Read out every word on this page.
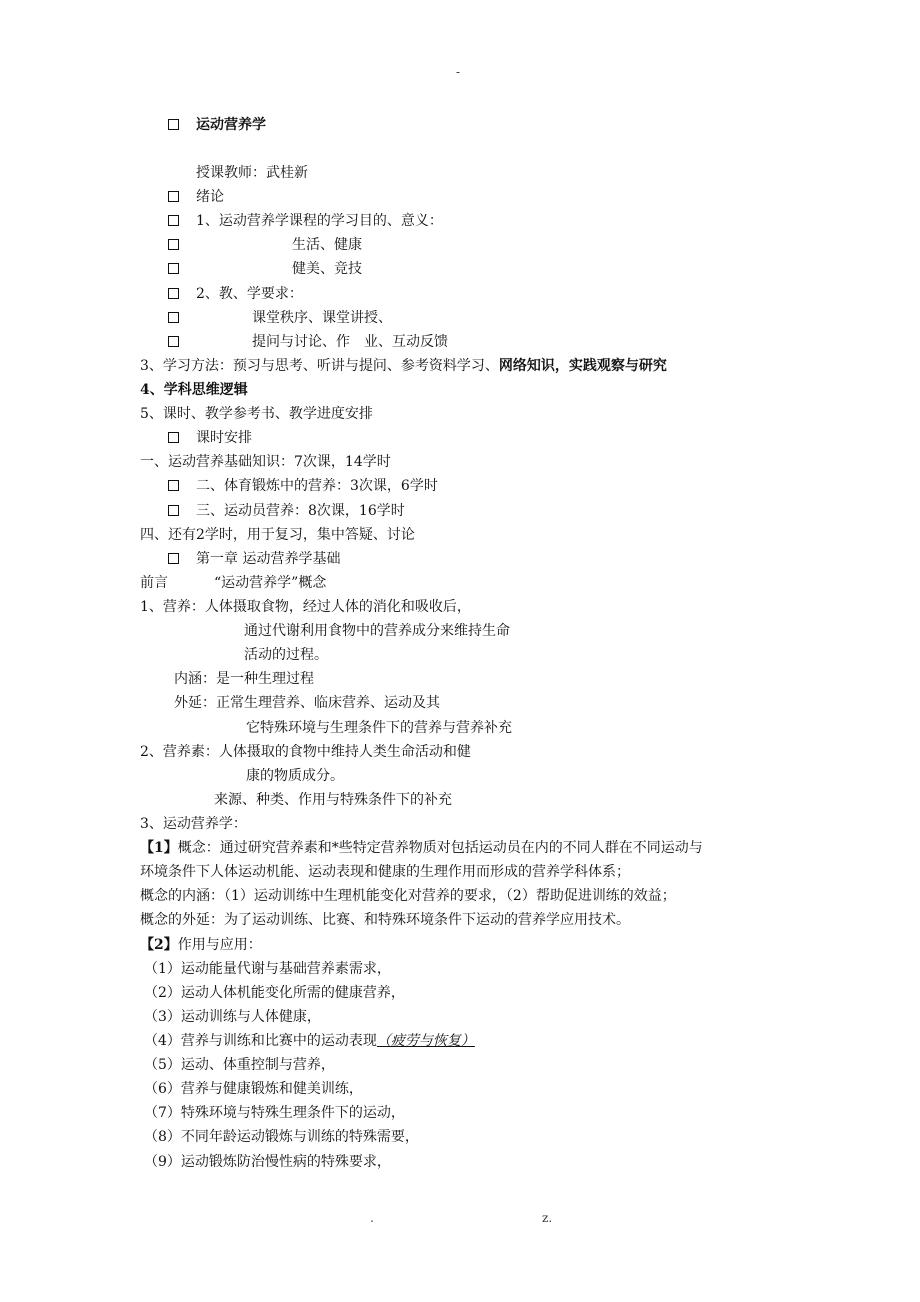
-
运动营养学
授课教师：武桂新
绪论
1、运动营养学课程的学习目的、意义：
生活、健康
健美、竞技
2、教、学要求：
课堂秩序、课堂讲授、
提问与讨论、作　业、互动反馈
3、学习方法：预习与思考、听讲与提问、参考资料学习、网络知识，实践观察与研究
4、学科思维逻辑
5、课时、教学参考书、教学进度安排
课时安排
一、运动营养基础知识：7次课，14学时
二、体育锻炼中的营养：3次课，6学时
三、运动员营养：8次课，16学时
四、还有2学时，用于复习，集中答疑、讨论
第一章 运动营养学基础
前言	“运动营养学”概念
1、营养：人体摄取食物，经过人体的消化和吸收后，
通过代谢利用食物中的营养成分来维持生命
活动的过程。
内涵：是一种生理过程
外延：正常生理营养、临床营养、运动及其
它特殊环境与生理条件下的营养与营养补充
2、营养素：人体摄取的食物中维持人类生命活动和健
康的物质成分。
来源、种类、作用与特殊条件下的补充
3、运动营养学：
【1】概念：通过研究营养素和*些特定营养物质对包括运动员在内的不同人群在不同运动与
环境条件下人体运动机能、运动表现和健康的生理作用而形成的营养学科体系；
概念的内涵：（1）运动训练中生理机能变化对营养的要求，（2）帮助促进训练的效益；
概念的外延：为了运动训练、比赛、和特殊环境条件下运动的营养学应用技术。
【2】作用与应用：
（1）运动能量代谢与基础营养素需求，
（2）运动人体机能变化所需的健康营养，
（3）运动训练与人体健康，
（4）营养与训练和比赛中的运动表现（疲劳与恢复）
（5）运动、体重控制与营养，
（6）营养与健康锻炼和健美训练，
（7）特殊环境与特殊生理条件下的运动，
（8）不同年龄运动锻炼与训练的特殊需要，
（9）运动锻炼防治慢性病的特殊要求，
.	z.
